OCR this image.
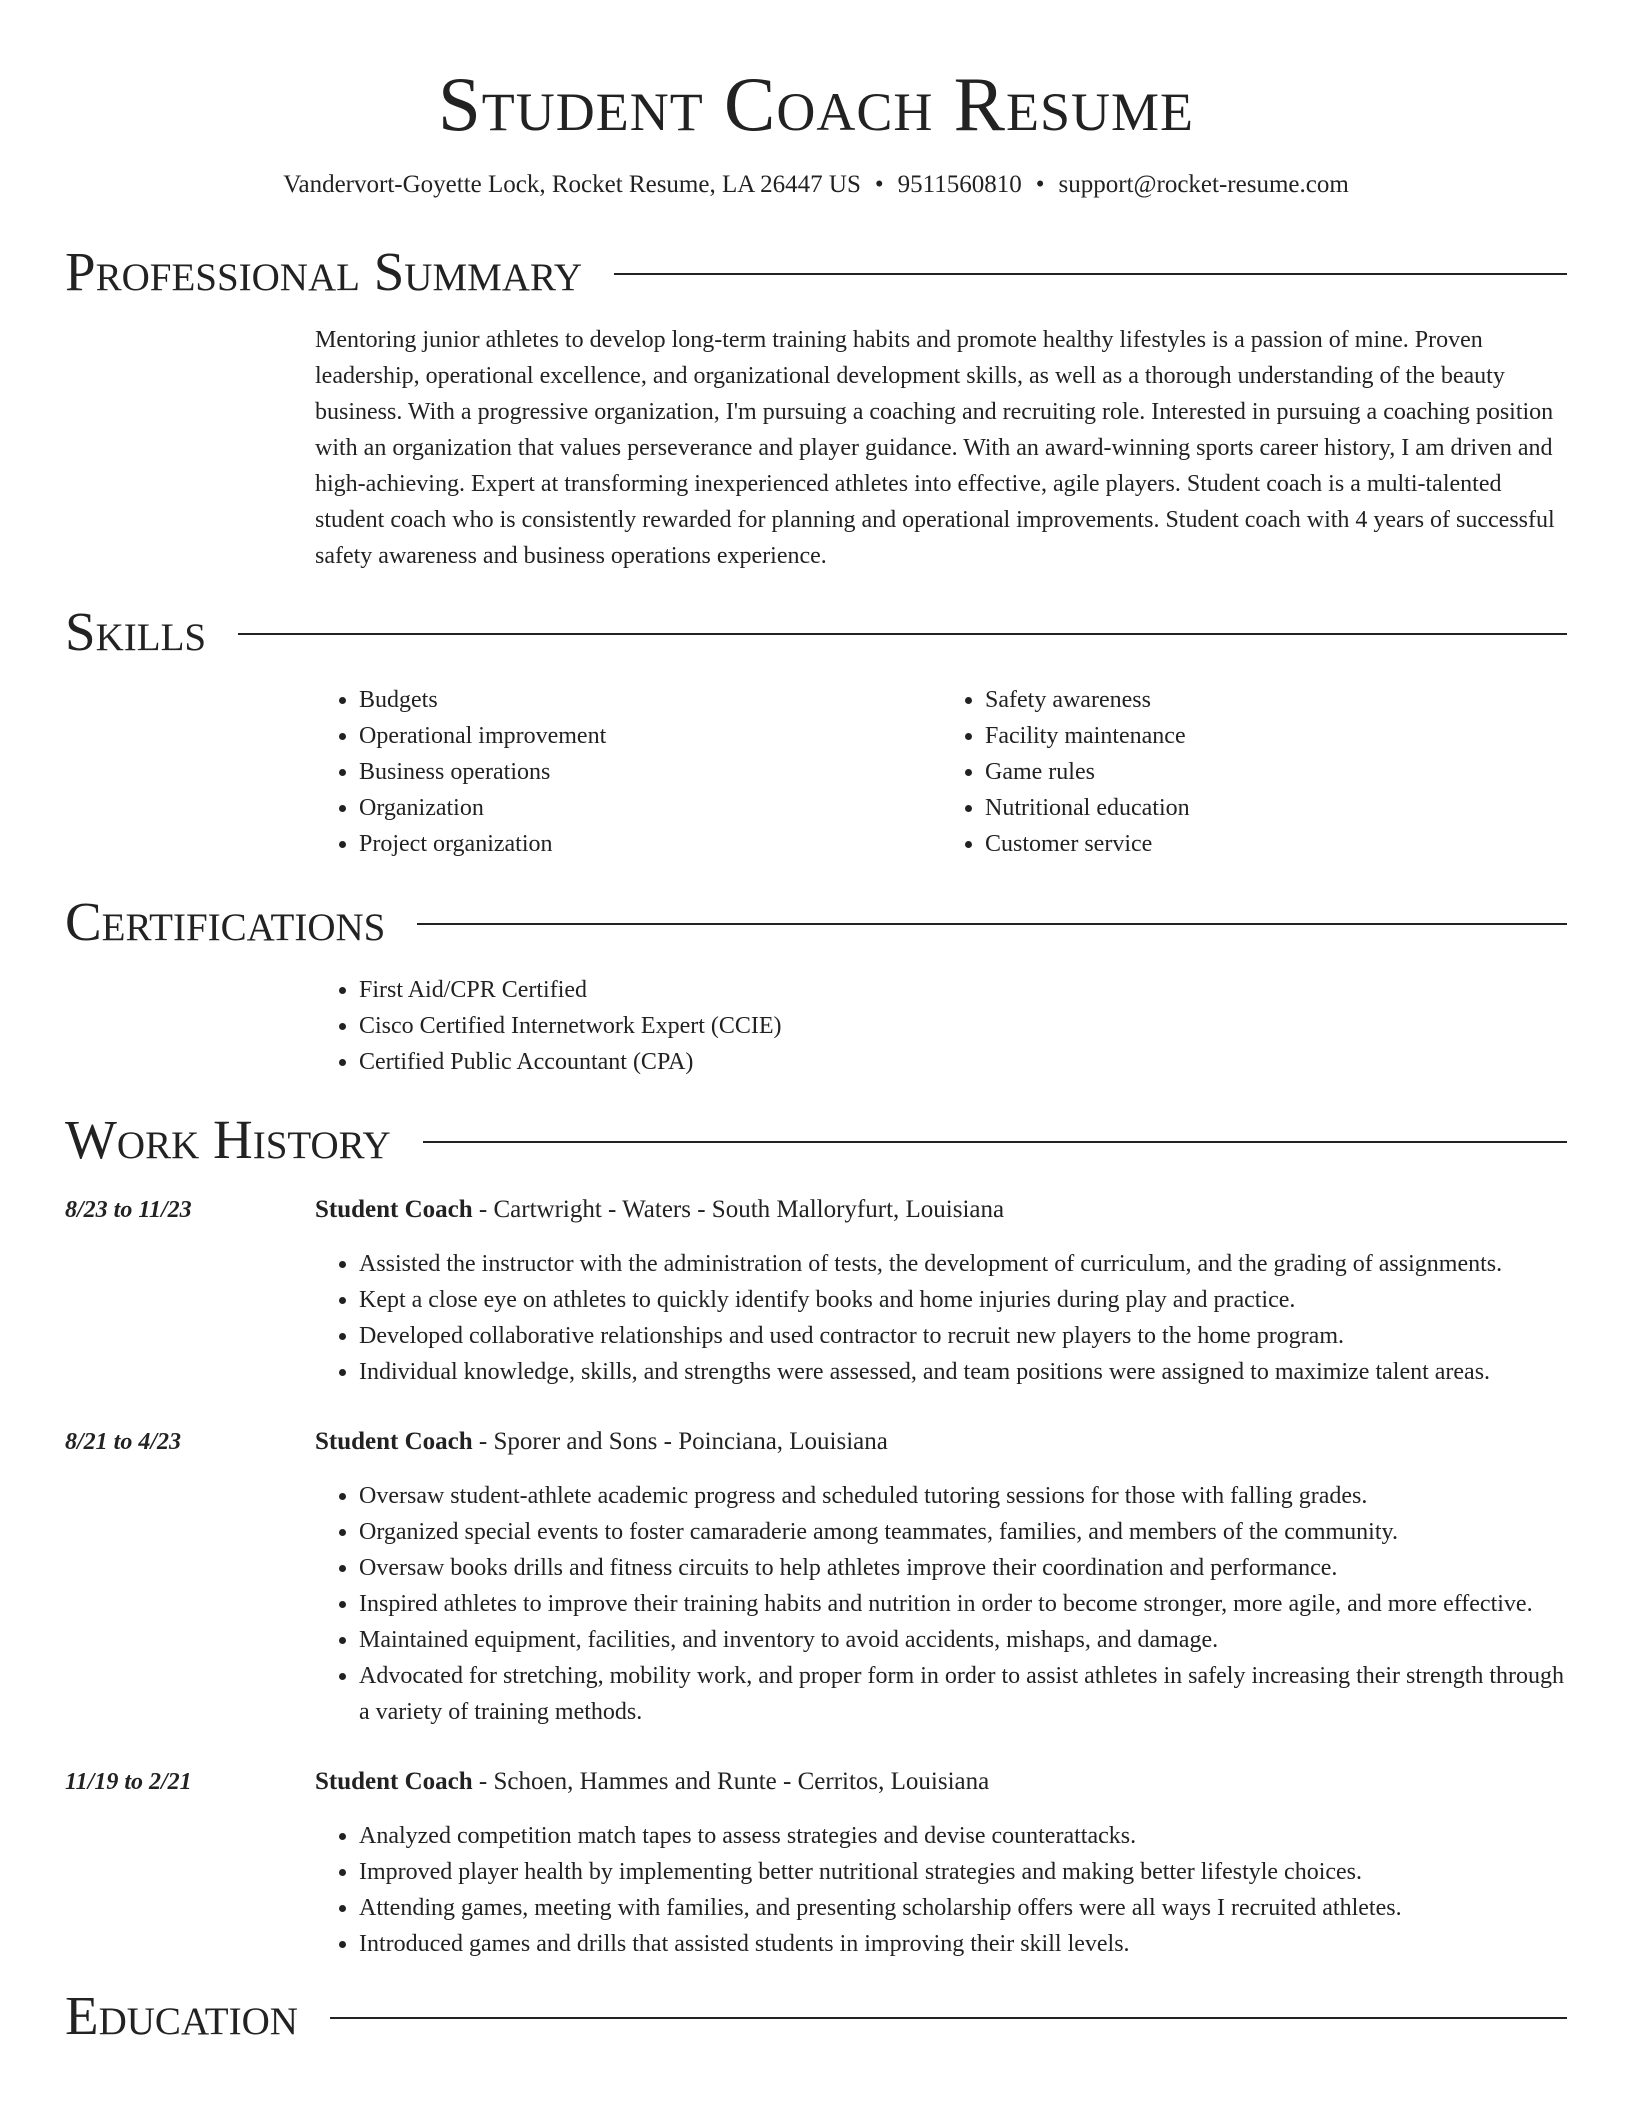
Student Coach Resume
Vandervort-Goyette Lock, Rocket Resume, LA 26447 US • 9511560810 • support@rocket-resume.com
Professional Summary

Mentoring junior athletes to develop long-term training habits and promote healthy lifestyles is a passion of mine. Proven leadership, operational excellence, and organizational development skills, as well as a thorough understanding of the beauty business. With a progressive organization, I'm pursuing a coaching and recruiting role. Interested in pursuing a coaching position with an organization that values perseverance and player guidance. With an award-winning sports career history, I am driven and high-achieving. Expert at transforming inexperienced athletes into effective, agile players. Student coach is a multi-talented student coach who is consistently rewarded for planning and operational improvements. Student coach with 4 years of successful safety awareness and business operations experience.

Skills
• Budgets
• Operational improvement
• Business operations
• Organization
• Project organization
• Safety awareness
• Facility maintenance
• Game rules
• Nutritional education
• Customer service
Certifications
• First Aid/CPR Certified
• Cisco Certified Internetwork Expert (CCIE)
• Certified Public Accountant (CPA)
Work History
8/23 to 11/23	Student Coach - Cartwright - Waters - South Malloryfurt, Louisiana

• Assisted the instructor with the administration of tests, the development of curriculum, and the grading of assignments.
• Kept a close eye on athletes to quickly identify books and home injuries during play and practice.
• Developed collaborative relationships and used contractor to recruit new players to the home program.
• Individual knowledge, skills, and strengths were assessed, and team positions were assigned to maximize talent areas.
8/21 to 4/23	Student Coach - Sporer and Sons - Poinciana, Louisiana

• Oversaw student-athlete academic progress and scheduled tutoring sessions for those with falling grades.
• Organized special events to foster camaraderie among teammates, families, and members of the community.
• Oversaw books drills and fitness circuits to help athletes improve their coordination and performance.
• Inspired athletes to improve their training habits and nutrition in order to become stronger, more agile, and more effective.
• Maintained equipment, facilities, and inventory to avoid accidents, mishaps, and damage.
• Advocated for stretching, mobility work, and proper form in order to assist athletes in safely increasing their strength through a variety of training methods.
11/19 to 2/21	Student Coach - Schoen, Hammes and Runte - Cerritos, Louisiana

• Analyzed competition match tapes to assess strategies and devise counterattacks.
• Improved player health by implementing better nutritional strategies and making better lifestyle choices.
• Attending games, meeting with families, and presenting scholarship offers were all ways I recruited athletes.
• Introduced games and drills that assisted students in improving their skill levels.
Education
